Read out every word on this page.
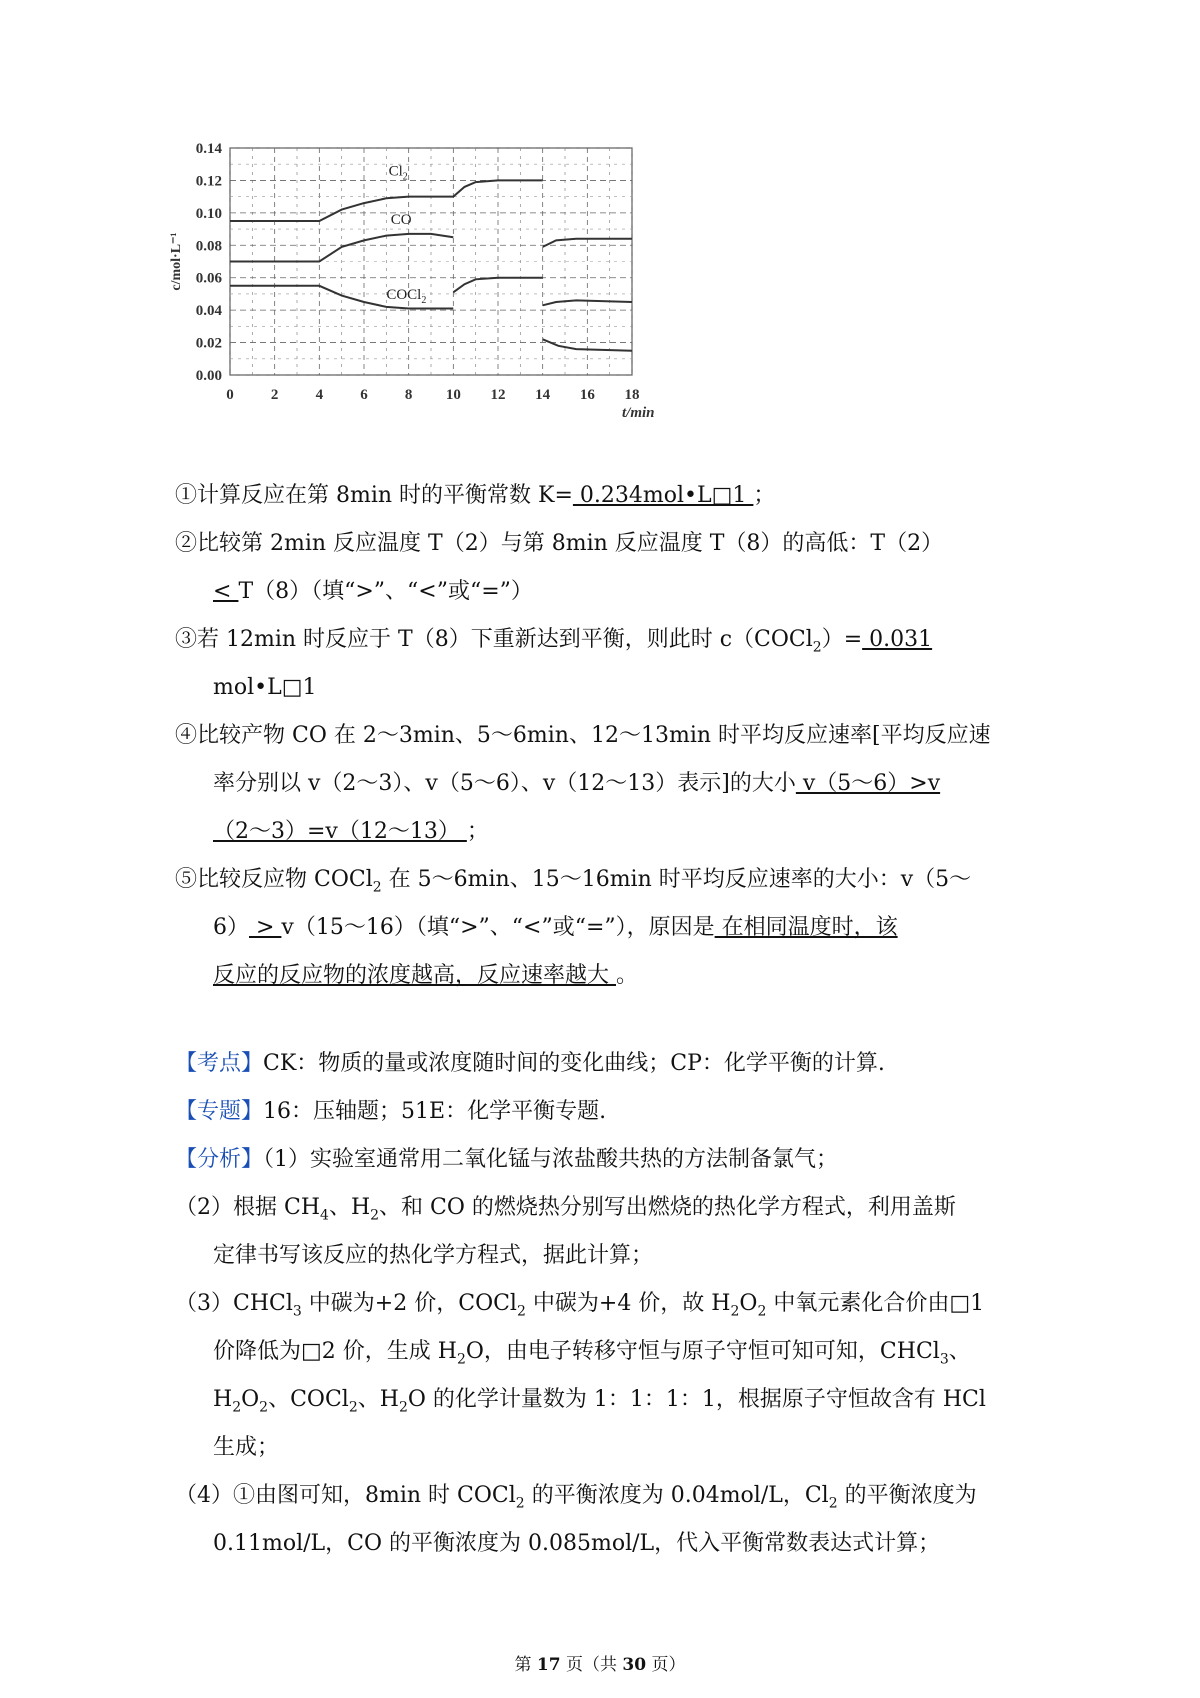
0 2 4 6 8 10 12 14 16 18
0.00
0.02
0.04
0.06
0.08
0.10
0.12
0.14
t/min
c/mol·L⁻¹
$Cl_2$
CO
COCl$_2$
①计算反应在第 8min 时的平衡常数 K= 0.234mol•L□1 ；
②比较第 2min 反应温度 T（2）与第 8min 反应温度 T（8）的高低：T（2）
< T（8）（填“>”、“<”或“=”）
③若 12min 时反应于 T（8）下重新达到平衡，则此时 c（COCl$_2$）= 0.031
mol•L□1
④比较产物 CO 在 2～3min、5～6min、12～13min 时平均反应速率[平均反应速
率分别以 v（2～3）、v（5～6）、v（12～13）表示]的大小 v（5～6）>v
（2～3）=v（12～13） ；
⑤比较反应物 COCl$_2$ 在 5～6min、15～16min 时平均反应速率的大小：v（5～
6） > v（15～16）（填“>”、“<”或“=”），原因是 在相同温度时，该
反应的反应物的浓度越高，反应速率越大 。
【考点】CK：物质的量或浓度随时间的变化曲线；CP：化学平衡的计算.
【专题】16：压轴题；51E：化学平衡专题.
【分析】（1）实验室通常用二氧化锰与浓盐酸共热的方法制备氯气；
（2）根据 $CH_4$、$H_2$、和 CO 的燃烧热分别写出燃烧的热化学方程式，利用盖斯
定律书写该反应的热化学方程式，据此计算；
（3）CHCl$_3$ 中碳为+2 价，COCl$_2$ 中碳为+4 价，故 $H_2O_2$ 中氧元素化合价由□1
价降低为□2 价，生成 $H_2O$，由电子转移守恒与原子守恒可知可知，CHCl$_3$、
$H_2O_2$、COCl$_2$、$H_2O$ 的化学计量数为 1：1：1：1，根据原子守恒故含有 HCl
生成；
（4）①由图可知，8min 时 COCl$_2$ 的平衡浓度为 0.04mol/L，$Cl_2$ 的平衡浓度为
0.11mol/L，CO 的平衡浓度为 0.085mol/L，代入平衡常数表达式计算；
第 17 页（共 30 页）
